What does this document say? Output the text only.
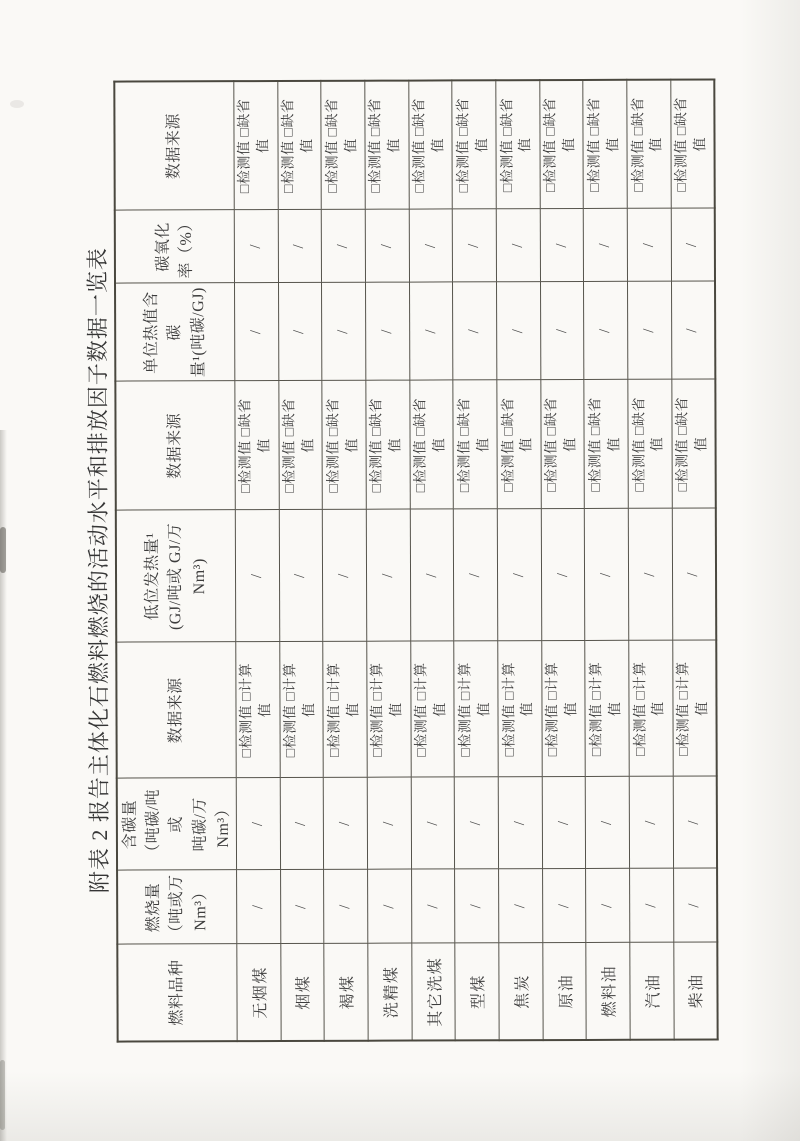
附表 2 报告主体化石燃料燃烧的活动水平和排放因子数据一览表
燃料品种	燃烧量 （吨或万 Nm³）	含碳量 （吨碳/吨或 吨碳/万 Nm³）	数据来源	低位发热量¹ (GJ/吨或 GJ/万 Nm³)	数据来源	单位热值含碳 量¹(吨碳/GJ)	碳氧化 率（%）	数据来源
无烟煤	/	/	□检测值 □计算 值	/	□检测值 □缺省 值	/	/	□检测值 □缺省 值
烟煤	/	/	□检测值 □计算 值	/	□检测值 □缺省 值	/	/	□检测值 □缺省 值
褐煤	/	/	□检测值 □计算 值	/	□检测值 □缺省 值	/	/	□检测值 □缺省 值
洗精煤	/	/	□检测值 □计算 值	/	□检测值 □缺省 值	/	/	□检测值 □缺省 值
其它洗煤	/	/	□检测值 □计算 值	/	□检测值 □缺省 值	/	/	□检测值 □缺省 值
型煤	/	/	□检测值 □计算 值	/	□检测值 □缺省 值	/	/	□检测值 □缺省 值
焦炭	/	/	□检测值 □计算 值	/	□检测值 □缺省 值	/	/	□检测值 □缺省 值
原油	/	/	□检测值 □计算 值	/	□检测值 □缺省 值	/	/	□检测值 □缺省 值
燃料油	/	/	□检测值 □计算 值	/	□检测值 □缺省 值	/	/	□检测值 □缺省 值
汽油	/	/	□检测值 □计算 值	/	□检测值 □缺省 值	/	/	□检测值 □缺省 值
柴油	/	/	□检测值 □计算 值	/	□检测值 □缺省 值	/	/	□检测值 □缺省 值
